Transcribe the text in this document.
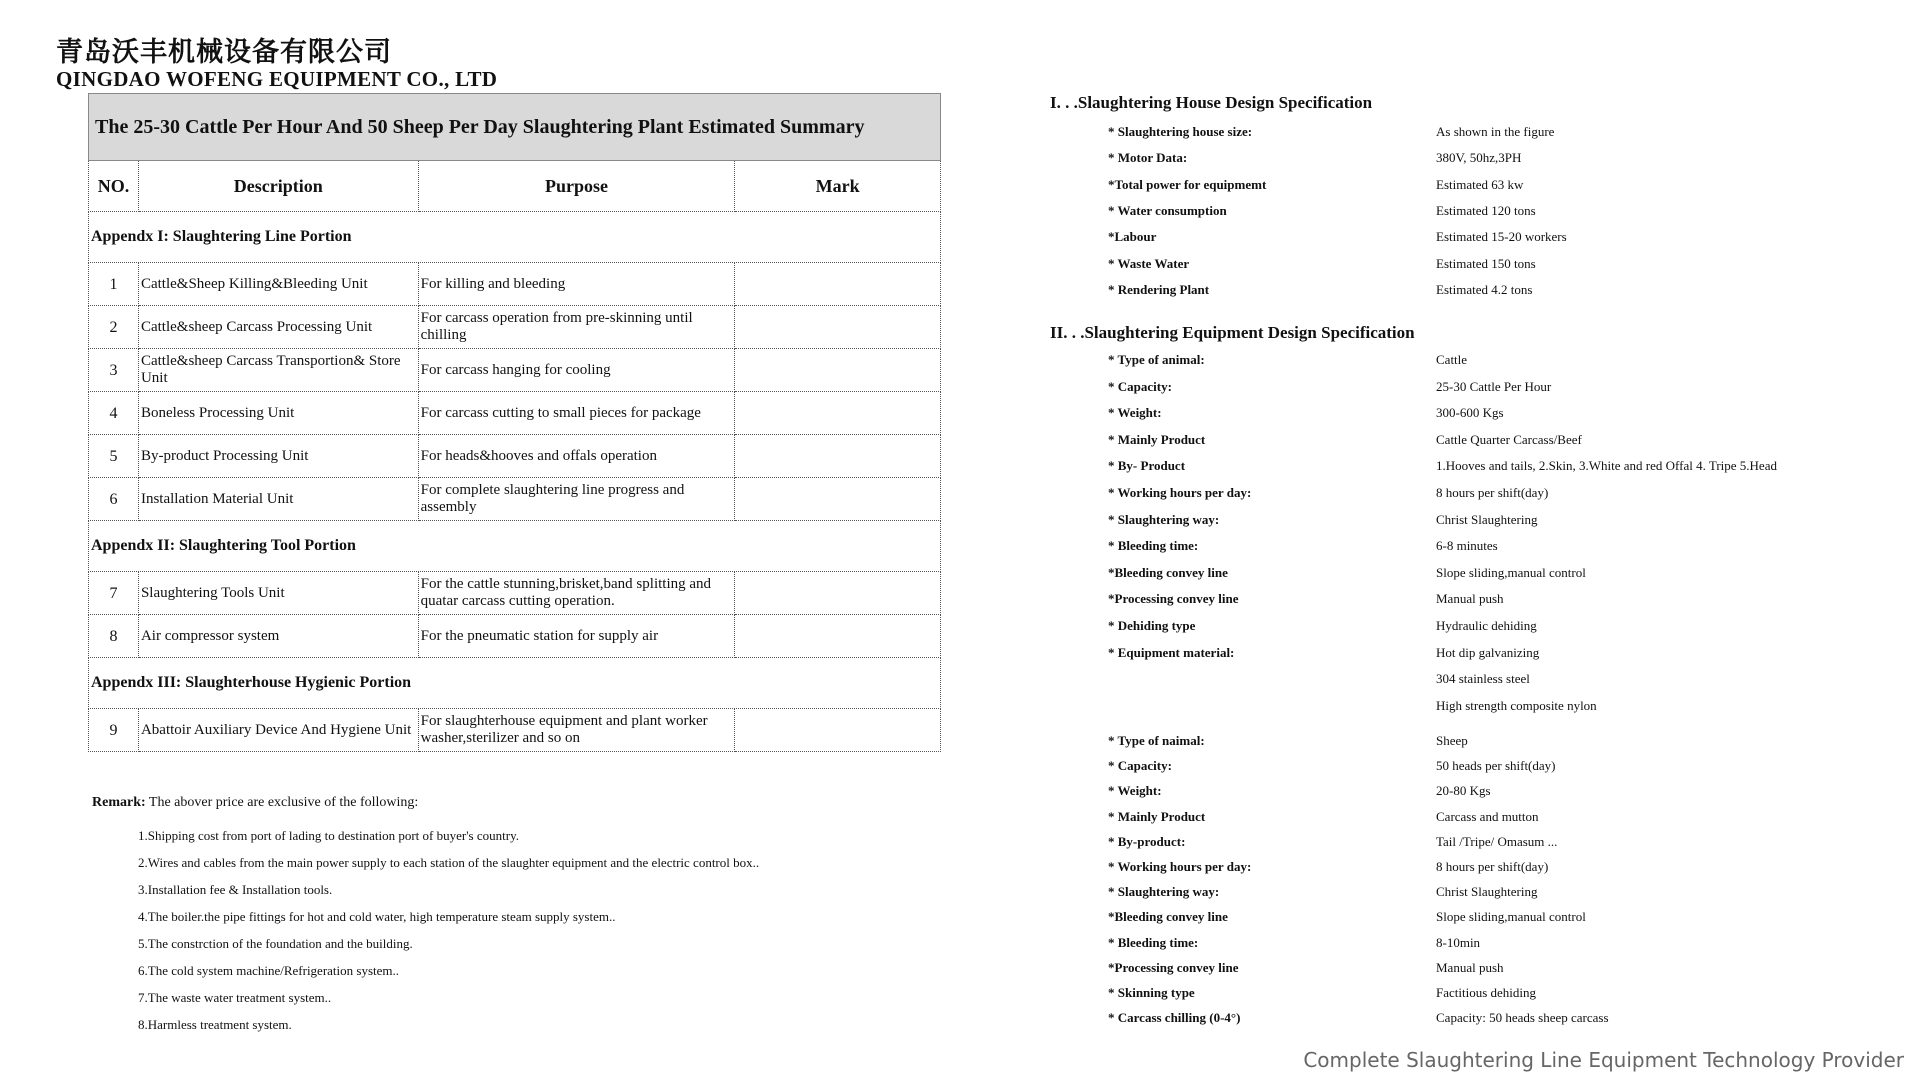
青岛沃丰机械设备有限公司
QINGDAO WOFENG EQUIPMENT CO., LTD
The 25-30 Cattle Per Hour And 50 Sheep Per Day Slaughtering Plant Estimated Summary			
NO.	Description	Purpose	Mark
Appendx I: Slaughtering Line Portion			
1	Cattle&Sheep Killing&Bleeding Unit	For killing and bleeding	
2	Cattle&sheep Carcass Processing Unit	For carcass operation from pre-skinning until chilling	
3	Cattle&sheep Carcass Transportion& Store Unit	For carcass hanging for cooling	
4	Boneless Processing Unit	For carcass cutting to small pieces for package	
5	By-product Processing Unit	For heads&hooves and offals operation	
6	Installation Material Unit	For complete slaughtering line progress and assembly	
Appendx II: Slaughtering Tool Portion			
7	Slaughtering Tools Unit	For the cattle stunning,brisket,band splitting and quatar carcass cutting operation.	
8	Air compressor system	For the pneumatic station for supply air	
Appendx III: Slaughterhouse Hygienic Portion			
9	Abattoir Auxiliary Device And Hygiene Unit	For slaughterhouse equipment and plant worker washer,sterilizer and so on	
Remark: The abover price are exclusive of the following:
1.Shipping cost from port of lading to destination port of buyer's country.
2.Wires and cables from the main power supply to each station of the slaughter equipment and the electric control box..
3.Installation fee & Installation tools.
4.The boiler.the pipe fittings for hot and cold water, high temperature steam supply system..
5.The constrction of the foundation and the building.
6.The cold system machine/Refrigeration system..
7.The waste water treatment system..
8.Harmless treatment system.
I. . .Slaughtering House Design Specification
* Slaughtering house size:	As shown in the figure
* Motor Data:	380V, 50hz,3PH
*Total power for equipmemt	Estimated 63 kw
* Water consumption	Estimated 120 tons
*Labour	Estimated 15-20 workers
* Waste Water	Estimated 150 tons
* Rendering Plant	Estimated 4.2 tons
II. . .Slaughtering Equipment Design Specification
* Type of animal:	Cattle
* Capacity:	25-30 Cattle Per Hour
* Weight:	300-600 Kgs
* Mainly Product	Cattle Quarter Carcass/Beef
* By- Product	1.Hooves and tails, 2.Skin, 3.White and red Offal 4. Tripe 5.Head
* Working hours per day:	8 hours per shift(day)
* Slaughtering way:	Christ Slaughtering
* Bleeding time:	6-8 minutes
*Bleeding convey line	Slope sliding,manual control
*Processing convey line	Manual push
* Dehiding type	Hydraulic dehiding
* Equipment material:	Hot dip galvanizing
304 stainless steel
High strength composite nylon
* Type of naimal:	Sheep
* Capacity:	50 heads per shift(day)
* Weight:	20-80 Kgs
* Mainly Product	Carcass and mutton
* By-product:	Tail /Tripe/ Omasum ...
* Working hours per day:	8 hours per shift(day)
* Slaughtering way:	Christ Slaughtering
*Bleeding convey line	Slope sliding,manual control
* Bleeding time:	8-10min
*Processing convey line	Manual push
* Skinning type	Factitious dehiding
* Carcass chilling (0-4°)	Capacity: 50 heads sheep carcass
Complete Slaughtering Line Equipment Technology Provider
